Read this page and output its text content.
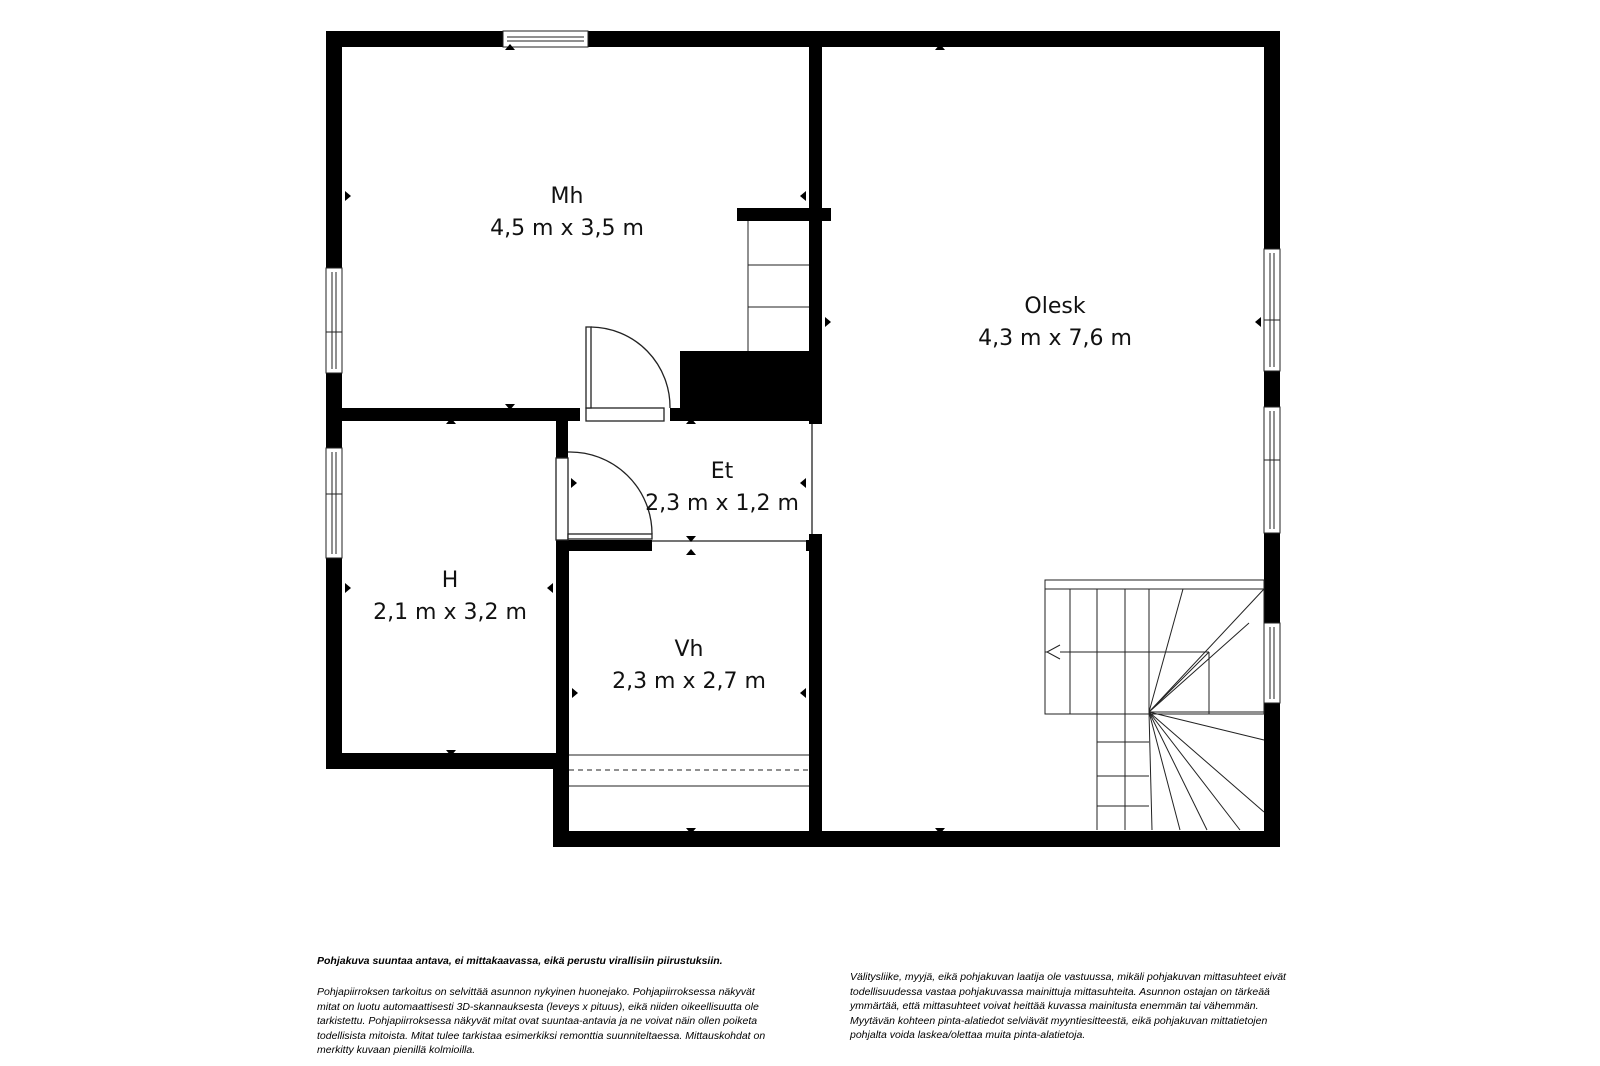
Mh
4,5 m x 3,5 m
Olesk
4,3 m x 7,6 m
Et
2,3 m x 1,2 m
H
2,1 m x 3,2 m
Vh
2,3 m x 2,7 m

Pohjakuva suuntaa antava, ei mittakaavassa, eikä perustu virallisiin piirustuksiin.

Pohjapiirroksen tarkoitus on selvittää asunnon nykyinen huonejako. Pohjapiirroksessa näkyvät mitat on luotu automaattisesti 3D-skannauksesta (leveys x pituus), eikä niiden oikeellisuutta ole tarkistettu. Pohjapiirroksessa näkyvät mitat ovat suuntaa-antavia ja ne voivat näin ollen poiketa todellisista mitoista. Mitat tulee tarkistaa esimerkiksi remonttia suunniteltaessa. Mittauskohdat on merkitty kuvaan pienillä kolmioilla.

Välitysliike, myyjä, eikä pohjakuvan laatija ole vastuussa, mikäli pohjakuvan mittasuhteet eivät todellisuudessa vastaa pohjakuvassa mainittuja mittasuhteita. Asunnon ostajan on tärkeää ymmärtää, että mittasuhteet voivat heittää kuvassa mainitusta enemmän tai vähemmän. Myytävän kohteen pinta-alatiedot selviävät myyntiesitteestä, eikä pohjakuvan mittatietojen pohjalta voida laskea/olettaa muita pinta-alatietoja.
